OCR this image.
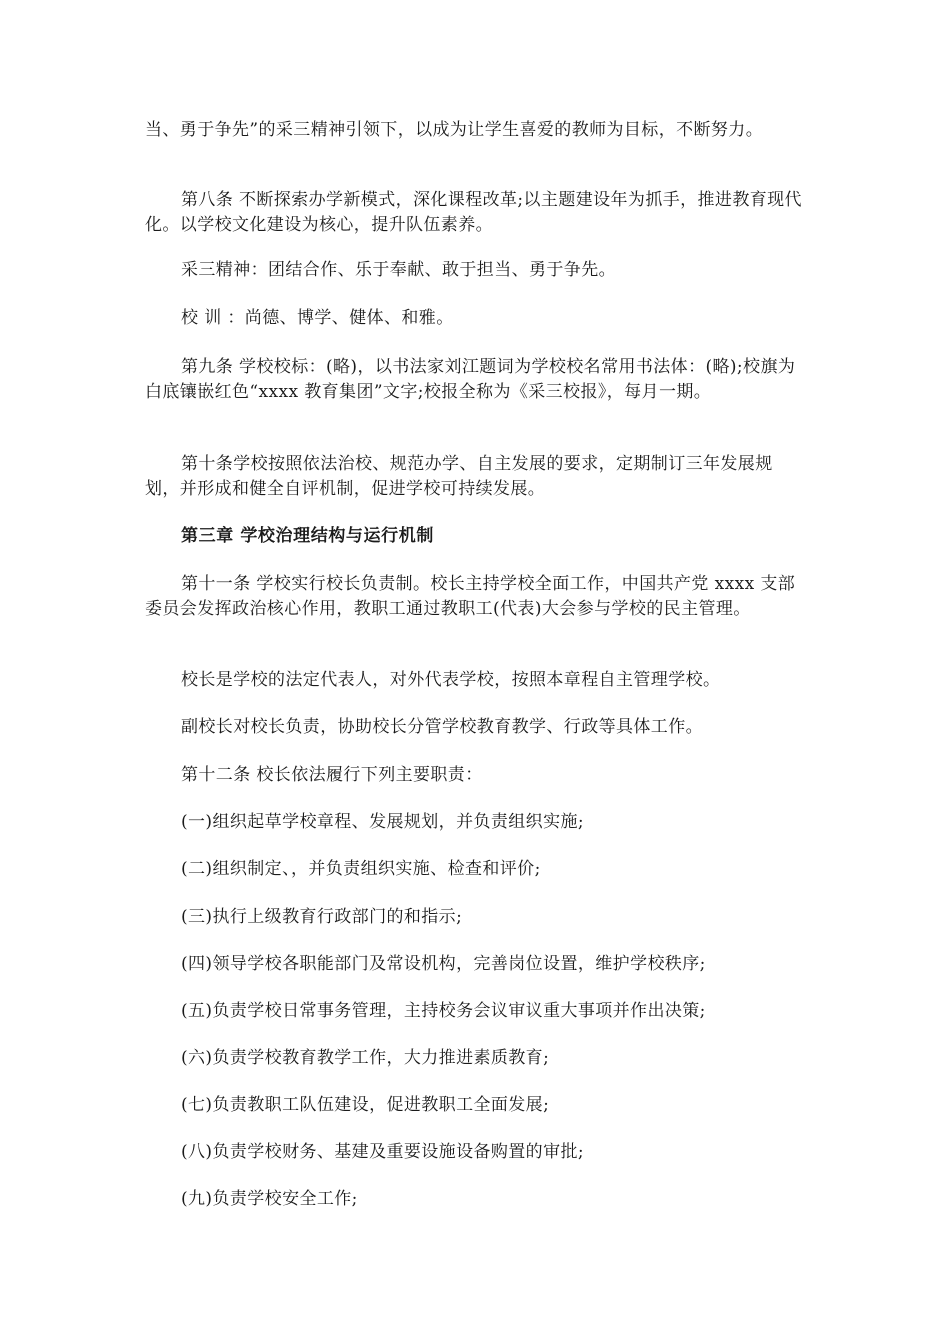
当、勇于争先”的采三精神引领下，以成为让学生喜爱的教师为目标，不断努力。

第八条 不断探索办学新模式，深化课程改革;以主题建设年为抓手，推进教育现代化。以学校文化建设为核心，提升队伍素养。

采三精神：团结合作、乐于奉献、敢于担当、勇于争先。

校 训 ：尚德、博学、健体、和雅。

第九条 学校校标：(略)，以书法家刘江题词为学校校名常用书法体：(略);校旗为白底镶嵌红色“xxxx 教育集团”文字;校报全称为《采三校报》，每月一期。

第十条学校按照依法治校、规范办学、自主发展的要求，定期制订三年发展规划，并形成和健全自评机制，促进学校可持续发展。

第三章 学校治理结构与运行机制

第十一条 学校实行校长负责制。校长主持学校全面工作，中国共产党 xxxx 支部委员会发挥政治核心作用，教职工通过教职工(代表)大会参与学校的民主管理。

校长是学校的法定代表人，对外代表学校，按照本章程自主管理学校。

副校长对校长负责，协助校长分管学校教育教学、行政等具体工作。

第十二条 校长依法履行下列主要职责：

(一)组织起草学校章程、发展规划，并负责组织实施;

(二)组织制定、，并负责组织实施、检查和评价;

(三)执行上级教育行政部门的和指示;

(四)领导学校各职能部门及常设机构，完善岗位设置，维护学校秩序;

(五)负责学校日常事务管理，主持校务会议审议重大事项并作出决策;

(六)负责学校教育教学工作，大力推进素质教育;

(七)负责教职工队伍建设，促进教职工全面发展;

(八)负责学校财务、基建及重要设施设备购置的审批;

(九)负责学校安全工作;
